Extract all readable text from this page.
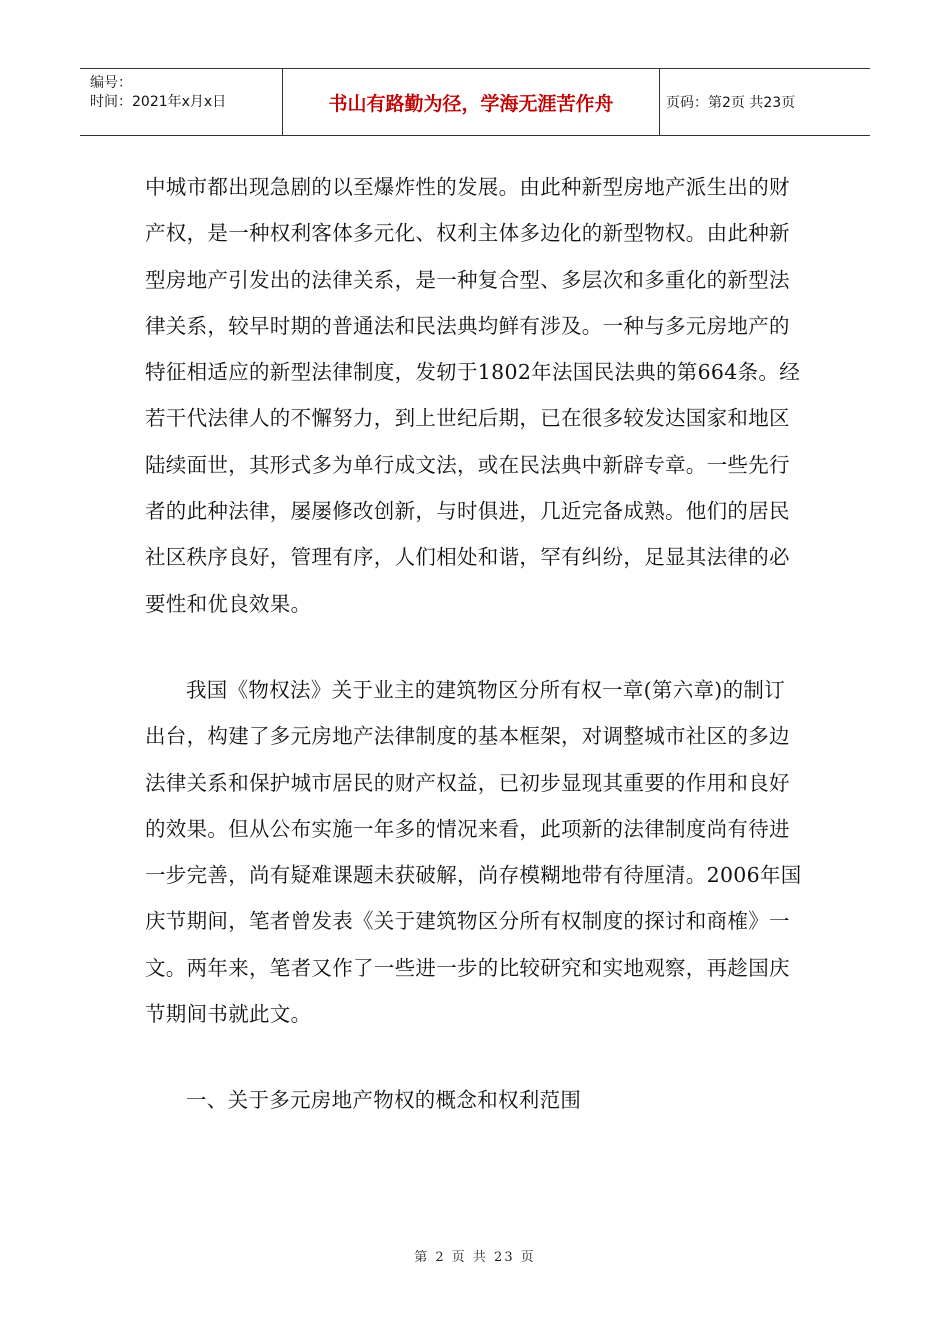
编号：
时间：2021年x月x日	书山有路勤为径，学海无涯苦作舟	页码：第2页 共23页

中城市都出现急剧的以至爆炸性的发展。由此种新型房地产派生出的财产权，是一种权利客体多元化、权利主体多边化的新型物权。由此种新型房地产引发出的法律关系，是一种复合型、多层次和多重化的新型法律关系，较早时期的普通法和民法典均鲜有涉及。一种与多元房地产的特征相适应的新型法律制度，发轫于1802年法国民法典的第664条。经若干代法律人的不懈努力，到上世纪后期，已在很多较发达国家和地区陆续面世，其形式多为单行成文法，或在民法典中新辟专章。一些先行者的此种法律，屡屡修改创新，与时俱进，几近完备成熟。他们的居民社区秩序良好，管理有序，人们相处和谐，罕有纠纷，足显其法律的必要性和优良效果。

我国《物权法》关于业主的建筑物区分所有权一章(第六章)的制订出台，构建了多元房地产法律制度的基本框架，对调整城市社区的多边法律关系和保护城市居民的财产权益，已初步显现其重要的作用和良好的效果。但从公布实施一年多的情况来看，此项新的法律制度尚有待进一步完善，尚有疑难课题未获破解，尚存模糊地带有待厘清。2006年国庆节期间，笔者曾发表《关于建筑物区分所有权制度的探讨和商榷》一文。两年来，笔者又作了一些进一步的比较研究和实地观察，再趁国庆节期间书就此文。

一、关于多元房地产物权的概念和权利范围

第 2 页 共 23 页
